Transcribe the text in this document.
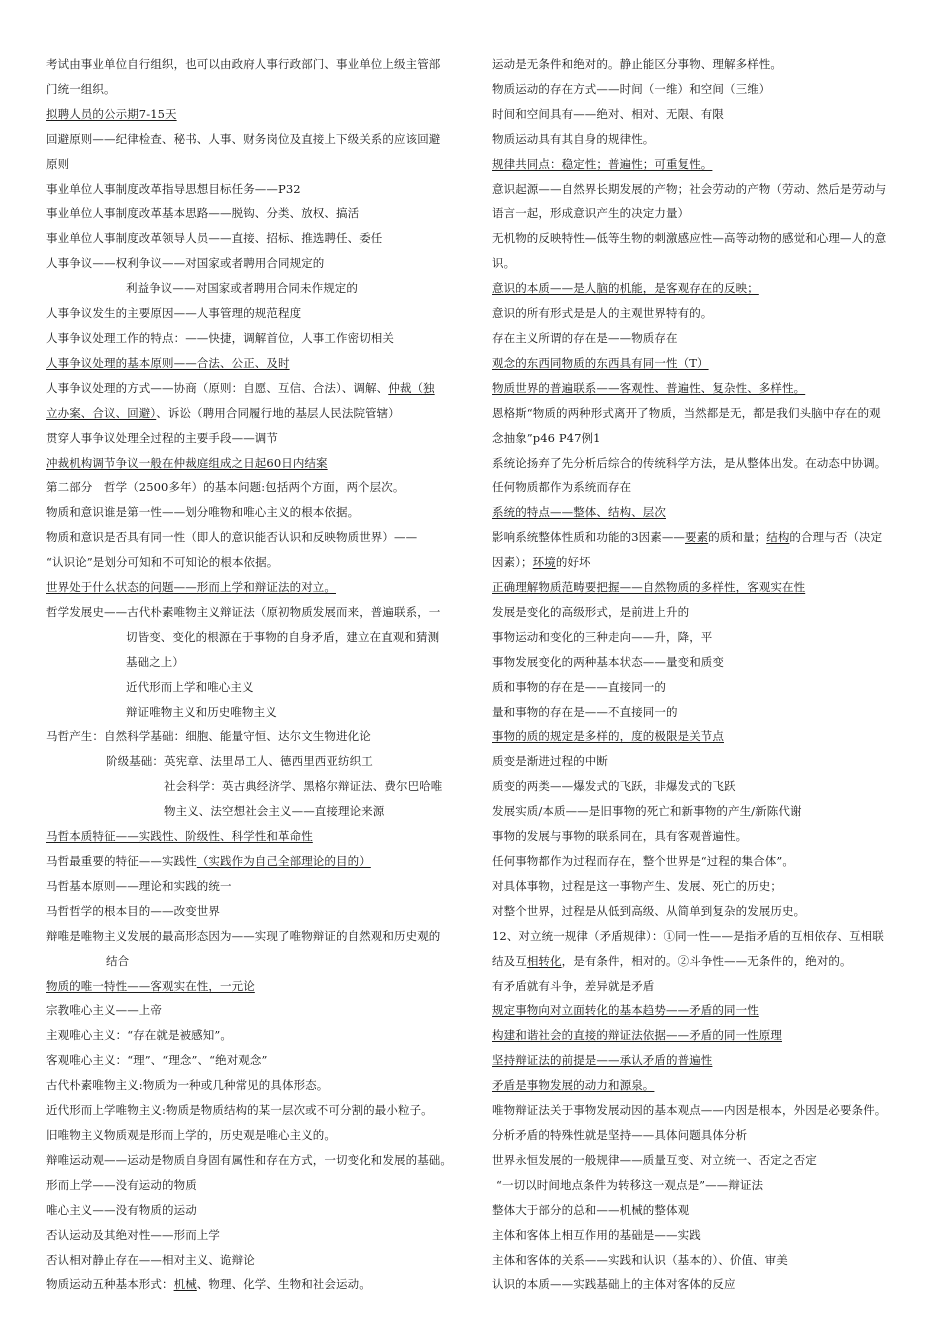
考试由事业单位自行组织，也可以由政府人事行政部门、事业单位上级主管部
门统一组织。
拟聘人员的公示期7-15天
回避原则——纪律检查、秘书、人事、财务岗位及直接上下级关系的应该回避
原则
事业单位人事制度改革指导思想目标任务——P32
事业单位人事制度改革基本思路——脱钩、分类、放权、搞活
事业单位人事制度改革领导人员——直接、招标、推选聘任、委任
人事争议——权利争议——对国家或者聘用合同规定的
利益争议——对国家或者聘用合同未作规定的
人事争议发生的主要原因——人事管理的规范程度
人事争议处理工作的特点：——快捷，调解首位，人事工作密切相关
人事争议处理的基本原则——合法、公正、及时
人事争议处理的方式——协商（原则：自愿、互信、合法）、调解、仲裁（独
立办案、合议、回避）、诉讼（聘用合同履行地的基层人民法院管辖）
贯穿人事争议处理全过程的主要手段——调节
冲裁机构调节争议一般在仲裁庭组成之日起60日内结案
第二部分　哲学（2500多年）的基本问题:包括两个方面，两个层次。
物质和意识谁是第一性——划分唯物和唯心主义的根本依据。
物质和意识是否具有同一性（即人的意识能否认识和反映物质世界）——
“认识论”是划分可知和不可知论的根本依据。
世界处于什么状态的问题——形而上学和辩证法的对立。
哲学发展史——古代朴素唯物主义辩证法（原初物质发展而来，普遍联系，一
切皆变、变化的根源在于事物的自身矛盾，建立在直观和猜测
基础之上）
近代形而上学和唯心主义
辩证唯物主义和历史唯物主义
马哲产生：自然科学基础：细胞、能量守恒、达尔文生物进化论
阶级基础：英宪章、法里昂工人、德西里西亚纺织工
社会科学：英古典经济学、黑格尔辩证法、费尔巴哈唯
物主义、法空想社会主义——直接理论来源
马哲本质特征——实践性、阶级性、科学性和革命性
马哲最重要的特征——实践性（实践作为自己全部理论的目的）
马哲基本原则——理论和实践的统一
马哲哲学的根本目的——改变世界
辩唯是唯物主义发展的最高形态因为——实现了唯物辩证的自然观和历史观的
结合
物质的唯一特性——客观实在性，一元论
宗教唯心主义——上帝
主观唯心主义：“存在就是被感知”。
客观唯心主义：“理”、“理念”、“绝对观念”
古代朴素唯物主义:物质为一种或几种常见的具体形态。
近代形而上学唯物主义:物质是物质结构的某一层次或不可分割的最小粒子。
旧唯物主义物质观是形而上学的，历史观是唯心主义的。
辩唯运动观——运动是物质自身固有属性和存在方式，一切变化和发展的基础。
形而上学——没有运动的物质
唯心主义——没有物质的运动
否认运动及其绝对性——形而上学
否认相对静止存在——相对主义、诡辩论
物质运动五种基本形式：机械、物理、化学、生物和社会运动。
运动是无条件和绝对的。静止能区分事物、理解多样性。
物质运动的存在方式——时间（一维）和空间（三维）
时间和空间具有——绝对、相对、无限、有限
物质运动具有其自身的规律性。
规律共同点：稳定性；普遍性；可重复性。
意识起源——自然界长期发展的产物；社会劳动的产物（劳动、然后是劳动与
语言一起，形成意识产生的决定力量）
无机物的反映特性—低等生物的刺激感应性—高等动物的感觉和心理—人的意
识。
意识的本质——是人脑的机能，是客观存在的反映；
意识的所有形式是是人的主观世界特有的。
存在主义所谓的存在是——物质存在
观念的东西同物质的东西具有同一性（T）
物质世界的普遍联系——客观性、普遍性、复杂性、多样性。
恩格斯“物质的两种形式离开了物质，当然都是无，都是我们头脑中存在的观
念抽象”p46 P47例1
系统论扬弃了先分析后综合的传统科学方法，是从整体出发。在动态中协调。
任何物质都作为系统而存在
系统的特点——整体、结构、层次
影响系统整体性质和功能的3因素——要素的质和量；结构的合理与否（决定
因素）；环境的好坏
正确理解物质范畴要把握——自然物质的多样性，客观实在性
发展是变化的高级形式，是前进上升的
事物运动和变化的三种走向——升，降，平
事物发展变化的两种基本状态——量变和质变
质和事物的存在是——直接同一的
量和事物的存在是——不直接同一的
事物的质的规定是多样的，度的极限是关节点
质变是渐进过程的中断
质变的两类——爆发式的飞跃，非爆发式的飞跃
发展实质/本质——是旧事物的死亡和新事物的产生/新陈代谢
事物的发展与事物的联系同在，具有客观普遍性。
任何事物都作为过程而存在，整个世界是“过程的集合体”。
对具体事物，过程是这一事物产生、发展、死亡的历史；
对整个世界，过程是从低到高级、从简单到复杂的发展历史。
12、对立统一规律（矛盾规律）：①同一性——是指矛盾的互相依存、互相联
结及互相转化，是有条件，相对的。②斗争性——无条件的，绝对的。
有矛盾就有斗争，差异就是矛盾
规定事物向对立面转化的基本趋势——矛盾的同一性
构建和谐社会的直接的辩证法依据——矛盾的同一性原理
坚持辩证法的前提是——承认矛盾的普遍性
矛盾是事物发展的动力和源泉。
唯物辩证法关于事物发展动因的基本观点——内因是根本，外因是必要条件。
分析矛盾的特殊性就是坚持——具体问题具体分析
世界永恒发展的一般规律——质量互变、对立统一、否定之否定
“一切以时间地点条件为转移这一观点是”——辩证法
整体大于部分的总和——机械的整体观
主体和客体上相互作用的基础是——实践
主体和客体的关系——实践和认识（基本的）、价值、审美
认识的本质——实践基础上的主体对客体的反应
